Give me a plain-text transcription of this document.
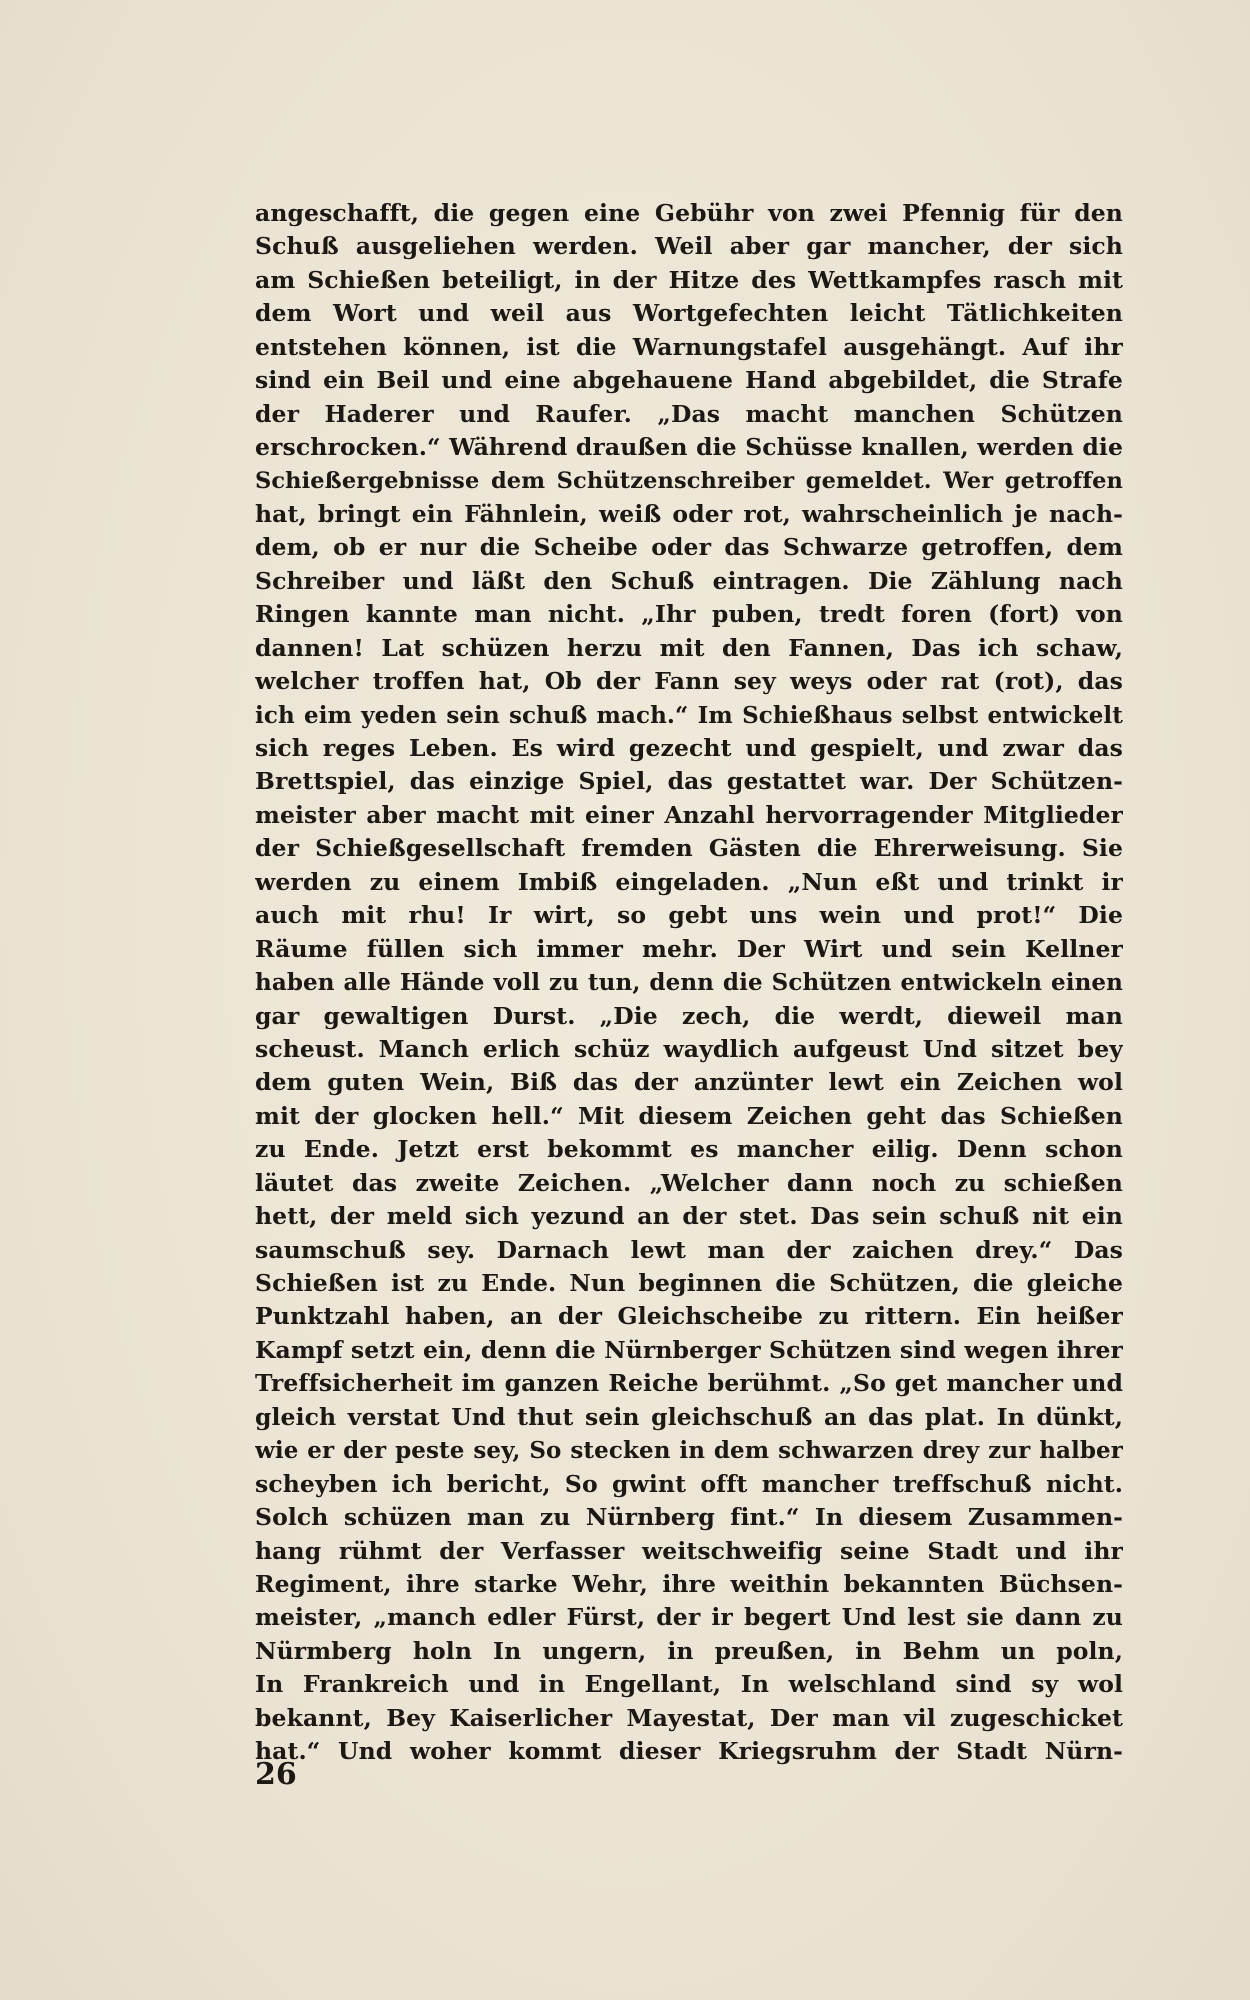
angeschafft, die gegen eine Gebühr von zwei Pfennig für den
Schuß ausgeliehen werden. Weil aber gar mancher, der sich
am Schießen beteiligt, in der Hitze des Wettkampfes rasch mit
dem Wort und weil aus Wortgefechten leicht Tätlichkeiten
entstehen können, ist die Warnungstafel ausgehängt. Auf ihr
sind ein Beil und eine abgehauene Hand abgebildet, die Strafe
der Haderer und Raufer. „Das macht manchen Schützen
erschrocken.“ Während draußen die Schüsse knallen, werden die
Schießergebnisse dem Schützenschreiber gemeldet. Wer getroffen
hat, bringt ein Fähnlein, weiß oder rot, wahrscheinlich je nach-
dem, ob er nur die Scheibe oder das Schwarze getroffen, dem
Schreiber und läßt den Schuß eintragen. Die Zählung nach
Ringen kannte man nicht. „Ihr puben, tredt foren (fort) von
dannen! Lat schüzen herzu mit den Fannen, Das ich schaw,
welcher troffen hat, Ob der Fann sey weys oder rat (rot), das
ich eim yeden sein schuß mach.“ Im Schießhaus selbst entwickelt
sich reges Leben. Es wird gezecht und gespielt, und zwar das
Brettspiel, das einzige Spiel, das gestattet war. Der Schützen-
meister aber macht mit einer Anzahl hervorragender Mitglieder
der Schießgesellschaft fremden Gästen die Ehrerweisung. Sie
werden zu einem Imbiß eingeladen. „Nun eßt und trinkt ir
auch mit rhu! Ir wirt, so gebt uns wein und prot!“ Die
Räume füllen sich immer mehr. Der Wirt und sein Kellner
haben alle Hände voll zu tun, denn die Schützen entwickeln einen
gar gewaltigen Durst. „Die zech, die werdt, dieweil man
scheust. Manch erlich schüz waydlich aufgeust Und sitzet bey
dem guten Wein, Biß das der anzünter lewt ein Zeichen wol
mit der glocken hell.“ Mit diesem Zeichen geht das Schießen
zu Ende. Jetzt erst bekommt es mancher eilig. Denn schon
läutet das zweite Zeichen. „Welcher dann noch zu schießen
hett, der meld sich yezund an der stet. Das sein schuß nit ein
saumschuß sey. Darnach lewt man der zaichen drey.“ Das
Schießen ist zu Ende. Nun beginnen die Schützen, die gleiche
Punktzahl haben, an der Gleichscheibe zu rittern. Ein heißer
Kampf setzt ein, denn die Nürnberger Schützen sind wegen ihrer
Treffsicherheit im ganzen Reiche berühmt. „So get mancher und
gleich verstat Und thut sein gleichschuß an das plat. In dünkt,
wie er der peste sey, So stecken in dem schwarzen drey zur halber
scheyben ich bericht, So gwint offt mancher treffschuß nicht.
Solch schüzen man zu Nürnberg fint.“ In diesem Zusammen-
hang rühmt der Verfasser weitschweifig seine Stadt und ihr
Regiment, ihre starke Wehr, ihre weithin bekannten Büchsen-
meister, „manch edler Fürst, der ir begert Und lest sie dann zu
Nürmberg holn In ungern, in preußen, in Behm un poln,
In Frankreich und in Engellant, In welschland sind sy wol
bekannt, Bey Kaiserlicher Mayestat, Der man vil zugeschicket
hat.“ Und woher kommt dieser Kriegsruhm der Stadt Nürn-
26
